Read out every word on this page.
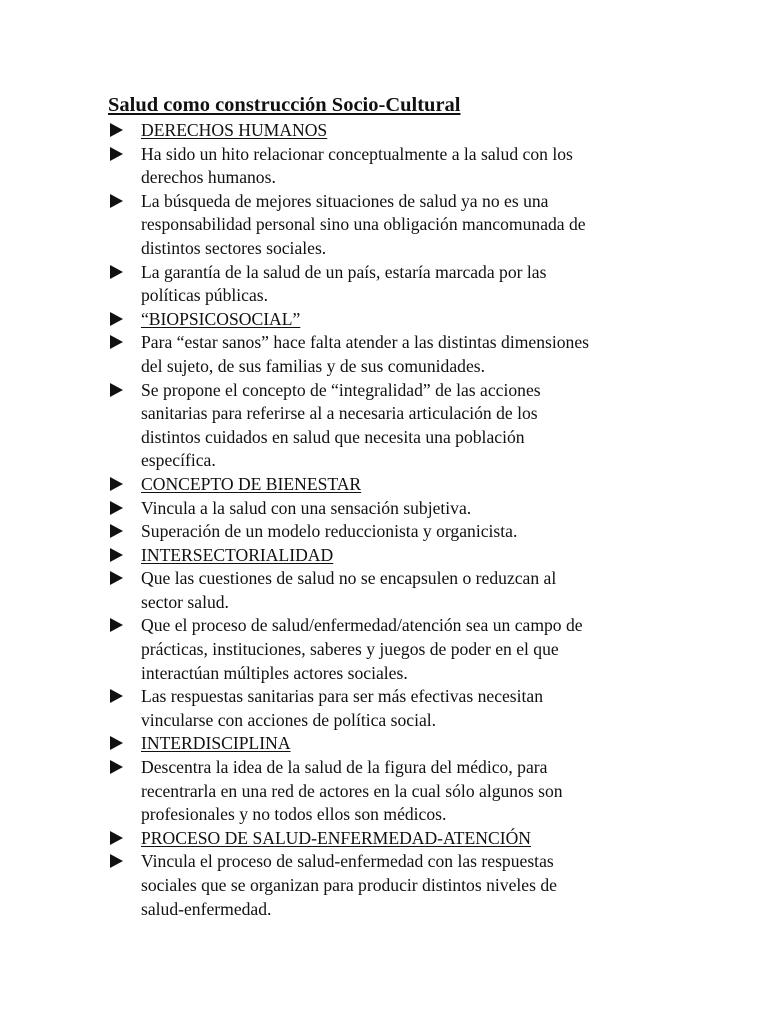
Salud como construcción Socio-Cultural
DERECHOS HUMANOS
Ha sido un hito relacionar conceptualmente a la salud con los
derechos humanos.
La búsqueda de mejores situaciones de salud ya no es una
responsabilidad personal sino una obligación mancomunada de
distintos sectores sociales.
La garantía de la salud de un país, estaría marcada por las
políticas públicas.
“BIOPSICOSOCIAL”
Para “estar sanos” hace falta atender a las distintas dimensiones
del sujeto, de sus familias y de sus comunidades.
Se propone el concepto de “integralidad” de las acciones
sanitarias para referirse al a necesaria articulación de los
distintos cuidados en salud que necesita una población
específica.
CONCEPTO DE BIENESTAR
Vincula a la salud con una sensación subjetiva.
Superación de un modelo reduccionista y organicista.
INTERSECTORIALIDAD
Que las cuestiones de salud no se encapsulen o reduzcan al
sector salud.
Que el proceso de salud/enfermedad/atención sea un campo de
prácticas, instituciones, saberes y juegos de poder en el que
interactúan múltiples actores sociales.
Las respuestas sanitarias para ser más efectivas necesitan
vincularse con acciones de política social.
INTERDISCIPLINA
Descentra la idea de la salud de la figura del médico, para
recentrarla en una red de actores en la cual sólo algunos son
profesionales y no todos ellos son médicos.
PROCESO DE SALUD-ENFERMEDAD-ATENCIÓN
Vincula el proceso de salud-enfermedad con las respuestas
sociales que se organizan para producir distintos niveles de
salud-enfermedad.
